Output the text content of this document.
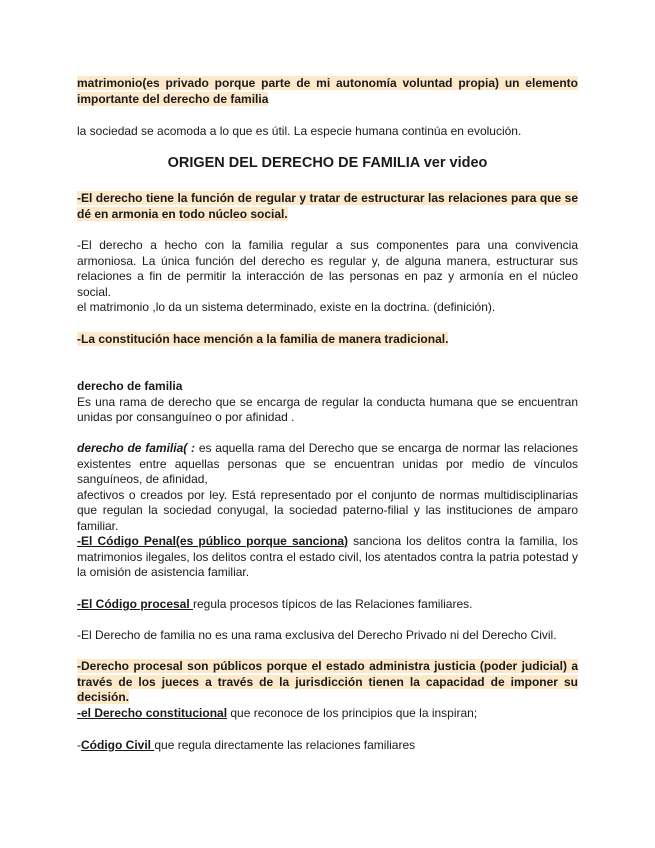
matrimonio(es privado porque parte de mi autonomía voluntad propia) un elemento importante del derecho de familia

la sociedad se acomoda a lo que es útil. La especie humana continúa en evolución.

ORIGEN DEL DERECHO DE FAMILIA ver video

-El derecho tiene la función de regular y tratar de estructurar las relaciones para que se dé en armonia en todo núcleo social.

-El derecho a hecho con la familia regular a sus componentes para una convivencia armoniosa. La única función del derecho es regular y, de alguna manera, estructurar sus relaciones a fin de permitir la interacción de las personas en paz y armonía en el núcleo social.

el matrimonio ,lo da un sistema determinado, existe en la doctrina. (definición).

-La constitución hace mención a la familia de manera tradicional.

derecho de familia
Es una rama de derecho que se encarga de regular la conducta humana que se encuentran unidas por consanguíneo o por afinidad .
derecho de familia( : es aquella rama del Derecho que se encarga de normar las relaciones existentes entre aquellas personas que se encuentran unidas por medio de vínculos sanguíneos, de afinidad,
afectivos o creados por ley. Está representado por el conjunto de normas multidisciplinarias que regulan la sociedad conyugal, la sociedad paterno-filial y las instituciones de amparo familiar.

-El Código Penal(es público porque sanciona) sanciona los delitos contra la familia, los matrimonios ilegales, los delitos contra el estado civil, los atentados contra la patria potestad y la omisión de asistencia familiar.

-El Código procesal regula procesos típicos de las Relaciones familiares.

-El Derecho de familia no es una rama exclusiva del Derecho Privado ni del Derecho Civil.

-Derecho procesal son públicos porque el estado administra justicia (poder judicial) a través de los jueces a través de la jurisdicción tienen la capacidad de imponer su decisión.

-el Derecho constitucional que reconoce de los principios que la inspiran;

-Código Civil que regula directamente las relaciones familiares
